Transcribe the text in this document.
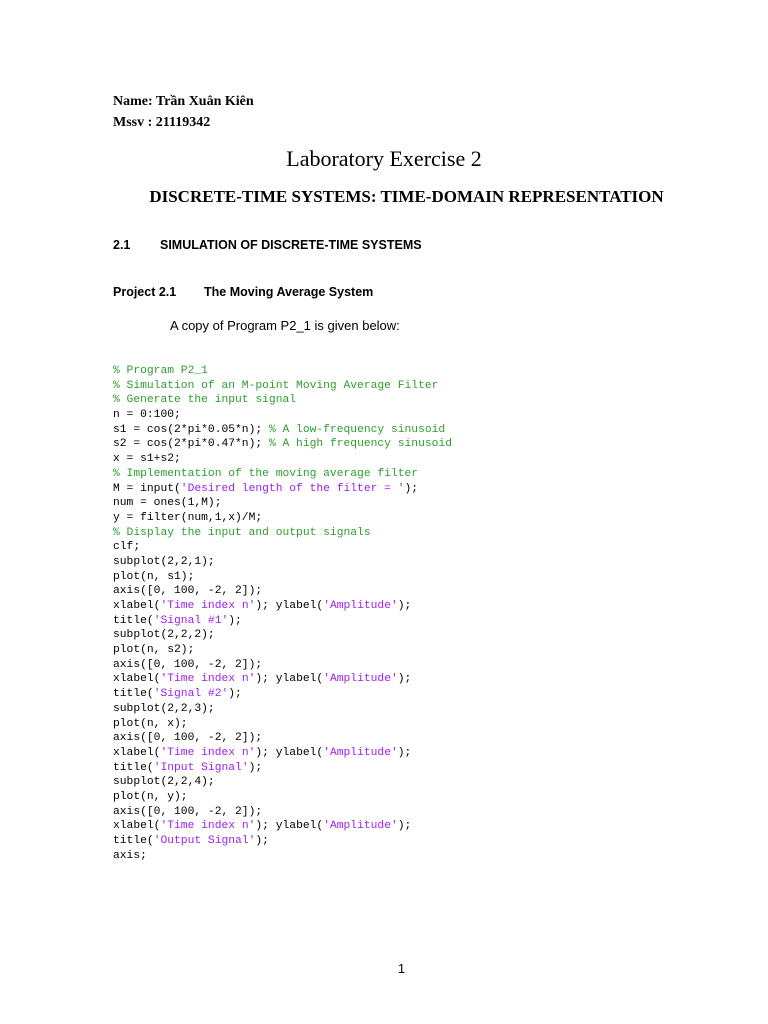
Name: Trần Xuân Kiên
Mssv : 21119342
Laboratory Exercise 2
DISCRETE-TIME SYSTEMS: TIME-DOMAIN REPRESENTATION
2.1 SIMULATION OF DISCRETE-TIME SYSTEMS
Project 2.1 The Moving Average System
A copy of Program P2_1 is given below:
% Program P2_1
% Simulation of an M-point Moving Average Filter
% Generate the input signal
n = 0:100;
s1 = cos(2*pi*0.05*n); % A low-frequency sinusoid
s2 = cos(2*pi*0.47*n); % A high frequency sinusoid
x = s1+s2;
% Implementation of the moving average filter
M = input('Desired length of the filter = ');
num = ones(1,M);
y = filter(num,1,x)/M;
% Display the input and output signals
clf;
subplot(2,2,1);
plot(n, s1);
axis([0, 100, -2, 2]);
xlabel('Time index n'); ylabel('Amplitude');
title('Signal #1');
subplot(2,2,2);
plot(n, s2);
axis([0, 100, -2, 2]);
xlabel('Time index n'); ylabel('Amplitude');
title('Signal #2');
subplot(2,2,3);
plot(n, x);
axis([0, 100, -2, 2]);
xlabel('Time index n'); ylabel('Amplitude');
title('Input Signal');
subplot(2,2,4);
plot(n, y);
axis([0, 100, -2, 2]);
xlabel('Time index n'); ylabel('Amplitude');
title('Output Signal');
axis;
1
